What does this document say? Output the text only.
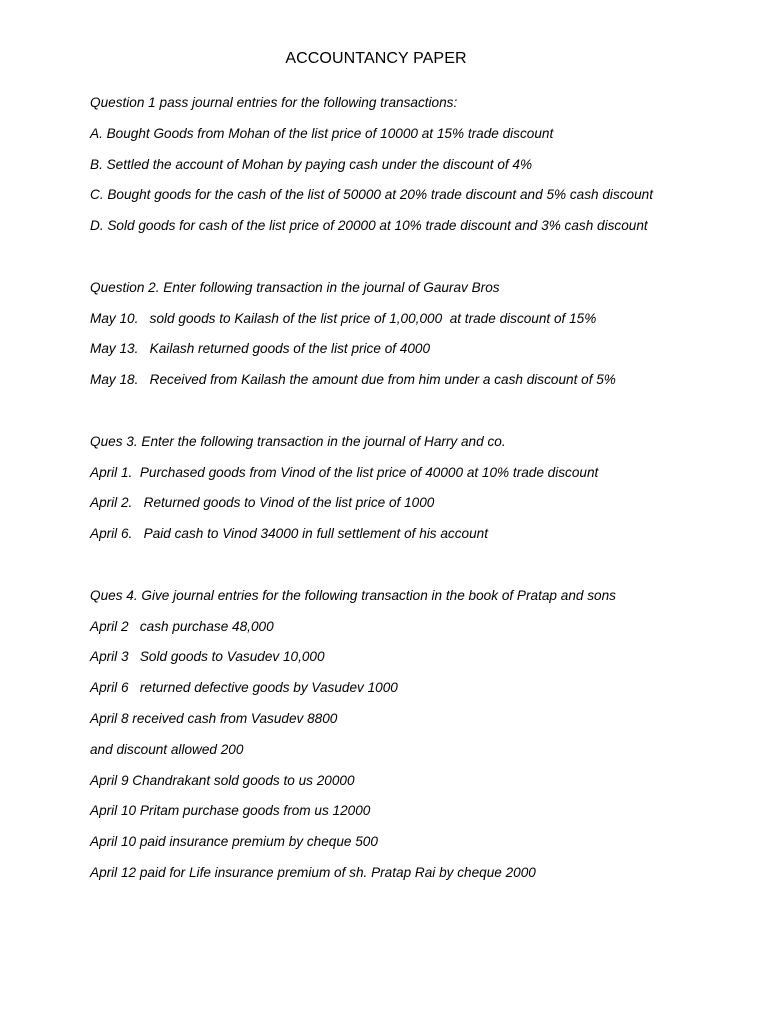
ACCOUNTANCY PAPER
Question 1 pass journal entries for the following transactions:
A. Bought Goods from Mohan of the list price of 10000 at 15% trade discount
B. Settled the account of Mohan by paying cash under the discount of 4%
C. Bought goods for the cash of the list of 50000 at 20% trade discount and 5% cash discount
D. Sold goods for cash of the list price of 20000 at 10% trade discount and 3% cash discount
Question 2. Enter following transaction in the journal of Gaurav Bros
May 10.   sold goods to Kailash of the list price of 1,00,000  at trade discount of 15%
May 13.   Kailash returned goods of the list price of 4000
May 18.   Received from Kailash the amount due from him under a cash discount of 5%
Ques 3. Enter the following transaction in the journal of Harry and co.
April 1.  Purchased goods from Vinod of the list price of 40000 at 10% trade discount
April 2.   Returned goods to Vinod of the list price of 1000
April 6.   Paid cash to Vinod 34000 in full settlement of his account
Ques 4. Give journal entries for the following transaction in the book of Pratap and sons
April 2   cash purchase 48,000
April 3   Sold goods to Vasudev 10,000
April 6   returned defective goods by Vasudev 1000
April 8 received cash from Vasudev 8800
and discount allowed 200
April 9 Chandrakant sold goods to us 20000
April 10 Pritam purchase goods from us 12000
April 10 paid insurance premium by cheque 500
April 12 paid for Life insurance premium of sh. Pratap Rai by cheque 2000
